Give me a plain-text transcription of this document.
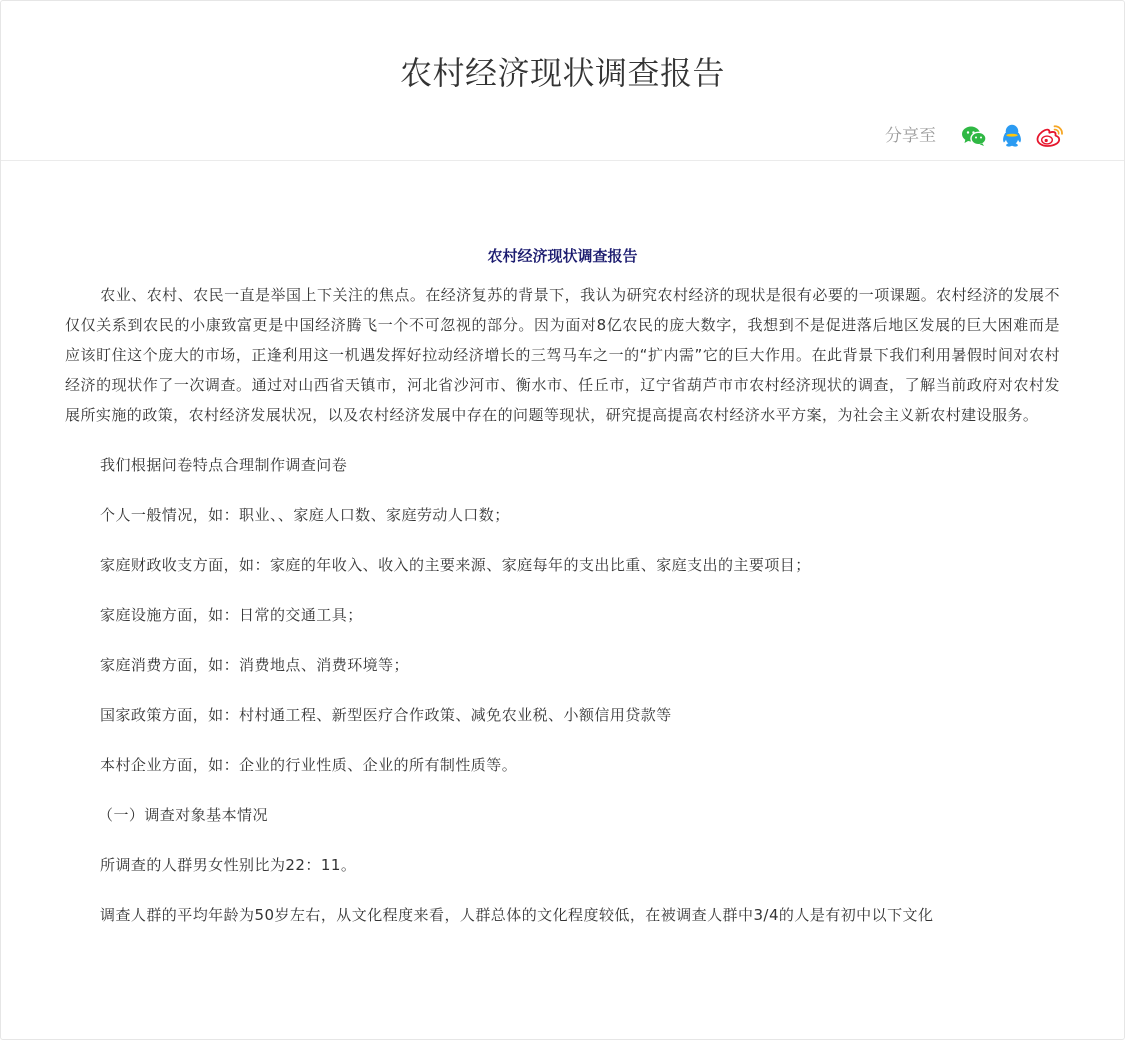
农村经济现状调查报告
分享至
农村经济现状调查报告

农业、农村、农民一直是举国上下关注的焦点。在经济复苏的背景下，我认为研究农村经济的现状是很有必要的一项课题。农村经济的发展不仅仅关系到农民的小康致富更是中国经济腾飞一个不可忽视的部分。因为面对8亿农民的庞大数字，我想到不是促进落后地区发展的巨大困难而是应该盯住这个庞大的市场，正逢利用这一机遇发挥好拉动经济增长的三驾马车之一的“扩内需”它的巨大作用。在此背景下我们利用暑假时间对农村经济的现状作了一次调查。通过对山西省天镇市，河北省沙河市、衡水市、任丘市，辽宁省葫芦市市农村经济现状的调查，了解当前政府对农村发展所实施的政策，农村经济发展状况，以及农村经济发展中存在的问题等现状，研究提高提高农村经济水平方案，为社会主义新农村建设服务。

我们根据问卷特点合理制作调查问卷

个人一般情况，如：职业、、家庭人口数、家庭劳动人口数；

家庭财政收支方面，如：家庭的年收入、收入的主要来源、家庭每年的支出比重、家庭支出的主要项目；

家庭设施方面，如：日常的交通工具；

家庭消费方面，如：消费地点、消费环境等；

国家政策方面，如：村村通工程、新型医疗合作政策、减免农业税、小额信用贷款等

本村企业方面，如：企业的行业性质、企业的所有制性质等。

（一）调查对象基本情况

所调查的人群男女性别比为22：11。

调查人群的平均年龄为50岁左右，从文化程度来看，人群总体的文化程度较低，在被调查人群中3/4的人是有初中以下文化
